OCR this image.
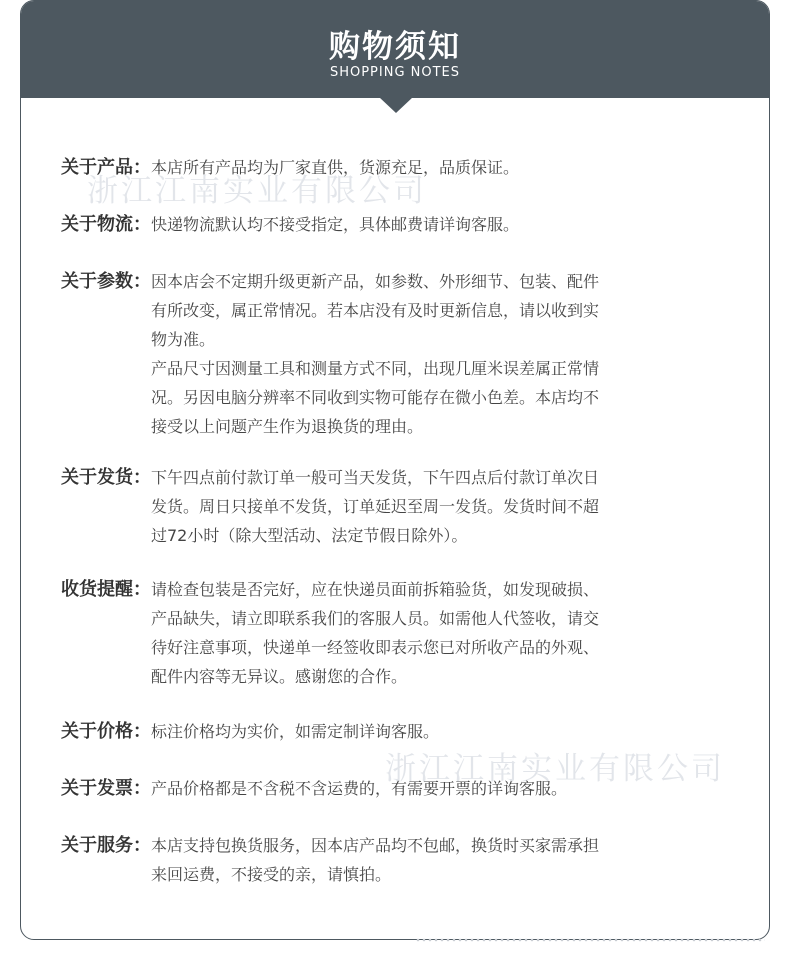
购物须知
SHOPPING NOTES
关于产品： 本店所有产品均为厂家直供，货源充足，品质保证。
关于物流： 快递物流默认均不接受指定，具体邮费请详询客服。
关于参数： 因本店会不定期升级更新产品，如参数、外形细节、包装、配件
有所改变，属正常情况。若本店没有及时更新信息，请以收到实
物为准。
产品尺寸因测量工具和测量方式不同，出现几厘米误差属正常情
况。另因电脑分辨率不同收到实物可能存在微小色差。本店均不
接受以上问题产生作为退换货的理由。
关于发货： 下午四点前付款订单一般可当天发货，下午四点后付款订单次日
发货。周日只接单不发货，订单延迟至周一发货。发货时间不超
过72小时（除大型活动、法定节假日除外）。
收货提醒： 请检查包装是否完好，应在快递员面前拆箱验货，如发现破损、
产品缺失，请立即联系我们的客服人员。如需他人代签收，请交
待好注意事项，快递单一经签收即表示您已对所收产品的外观、
配件内容等无异议。感谢您的合作。
关于价格： 标注价格均为实价，如需定制详询客服。
关于发票： 产品价格都是不含税不含运费的，有需要开票的详询客服。
关于服务： 本店支持包换货服务，因本店产品均不包邮，换货时买家需承担
来回运费，不接受的亲，请慎拍。
浙江江南实业有限公司
浙江江南实业有限公司
